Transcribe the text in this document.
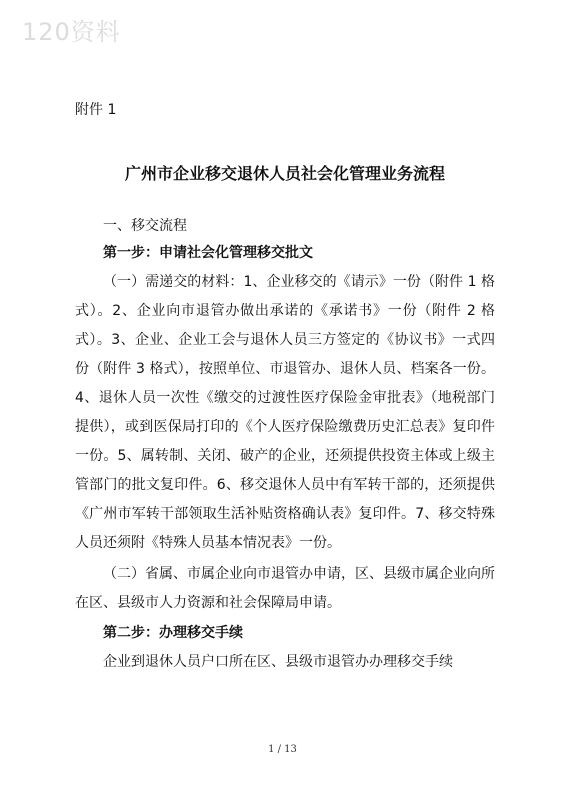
120资料

附件 1

广州市企业移交退休人员社会化管理业务流程

一、移交流程

第一步：申请社会化管理移交批文

（一）需递交的材料：1、企业移交的《请示》一份（附件 1 格式）。2、企业向市退管办做出承诺的《承诺书》一份（附件 2 格式）。3、企业、企业工会与退休人员三方签定的《协议书》一式四份（附件 3 格式），按照单位、市退管办、退休人员、档案各一份。4、退休人员一次性《缴交的过渡性医疗保险金审批表》（地税部门提供），或到医保局打印的《个人医疗保险缴费历史汇总表》复印件一份。5、属转制、关闭、破产的企业，还须提供投资主体或上级主管部门的批文复印件。6、移交退休人员中有军转干部的，还须提供《广州市军转干部领取生活补贴资格确认表》复印件。7、移交特殊人员还须附《特殊人员基本情况表》一份。

（二）省属、市属企业向市退管办申请，区、县级市属企业向所在区、县级市人力资源和社会保障局申请。

第二步：办理移交手续

企业到退休人员户口所在区、县级市退管办办理移交手续

1 / 13
